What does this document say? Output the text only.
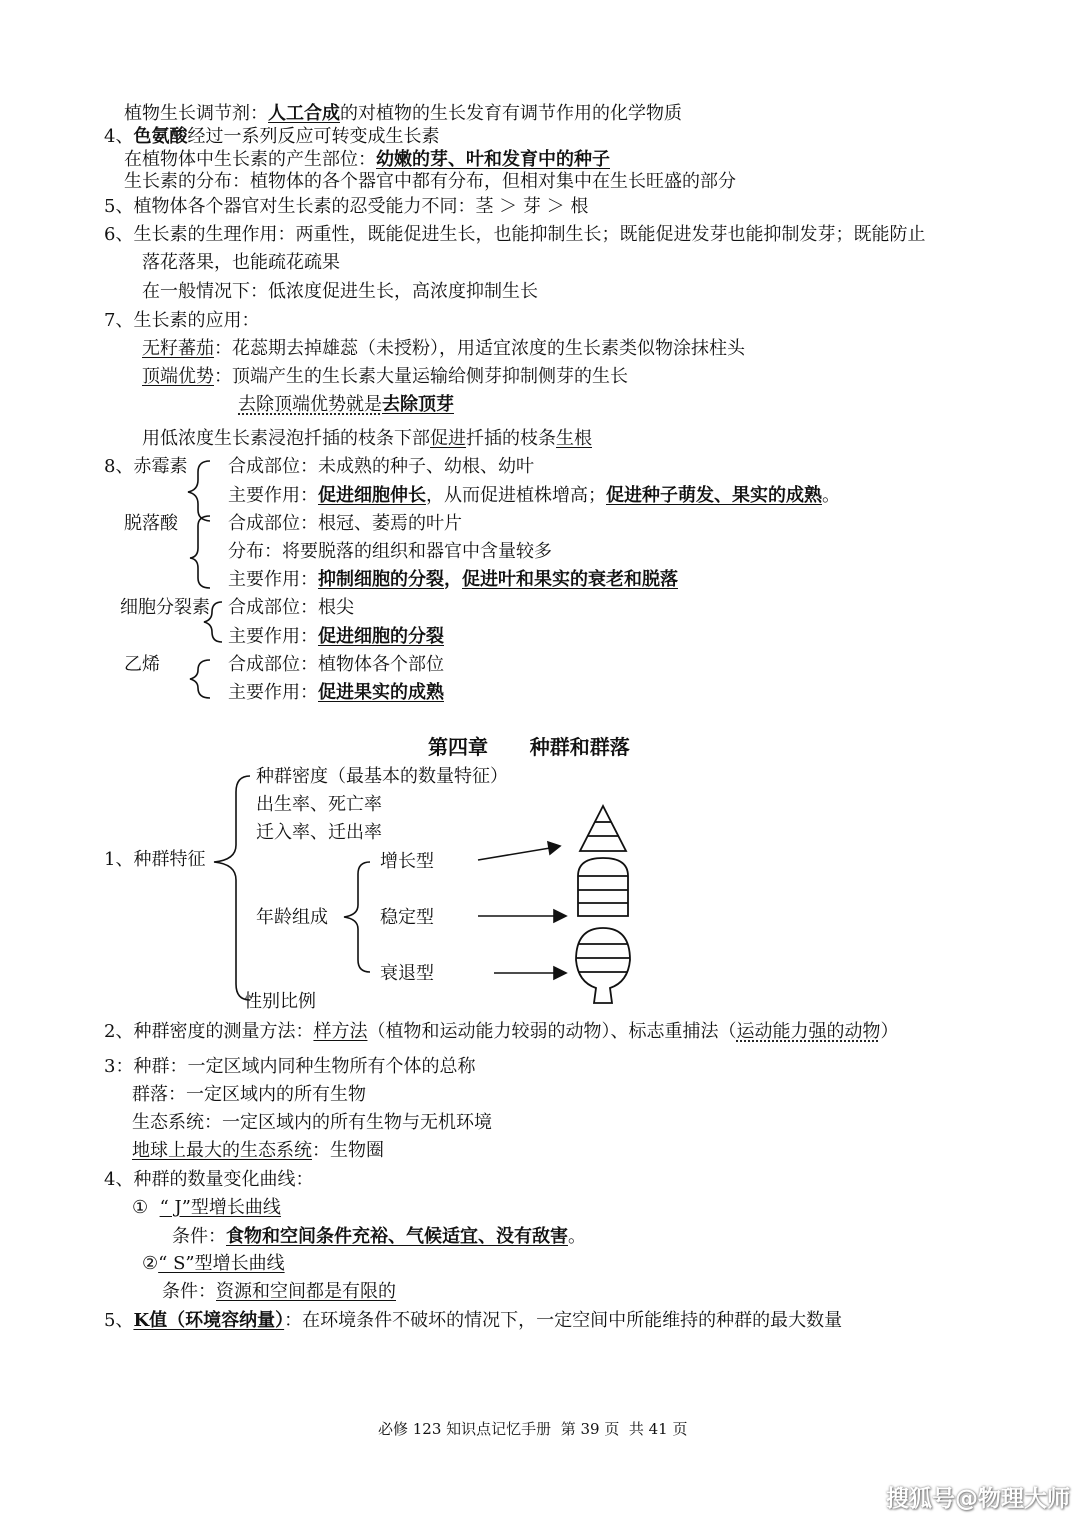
植物生长调节剂：人工合成的对植物的生长发育有调节作用的化学物质
4、色氨酸经过一系列反应可转变成生长素
在植物体中生长素的产生部位：幼嫩的芽、叶和发育中的种子
生长素的分布：植物体的各个器官中都有分布，但相对集中在生长旺盛的部分
5、植物体各个器官对生长素的忍受能力不同：茎 ＞ 芽 ＞ 根
6、生长素的生理作用：两重性，既能促进生长，也能抑制生长；既能促进发芽也能抑制发芽；既能防止
落花落果，也能疏花疏果
在一般情况下：低浓度促进生长，高浓度抑制生长
7、生长素的应用：
无籽蕃茄：花蕊期去掉雄蕊（未授粉），用适宜浓度的生长素类似物涂抹柱头
顶端优势：顶端产生的生长素大量运输给侧芽抑制侧芽的生长
去除顶端优势就是去除顶芽
用低浓度生长素浸泡扦插的枝条下部促进扦插的枝条生根
8、赤霉素 合成部位：未成熟的种子、幼根、幼叶
主要作用：促进细胞伸长，从而促进植株增高；促进种子萌发、果实的成熟。
脱落酸	合成部位：根冠、萎焉的叶片
分布：将要脱落的组织和器官中含量较多
主要作用：抑制细胞的分裂，促进叶和果实的衰老和脱落
细胞分裂素 合成部位：根尖
主要作用：促进细胞的分裂
乙烯	合成部位：植物体各个部位
主要作用：促进果实的成熟
第四章      种群和群落
1、种群特征
种群密度（最基本的数量特征）
出生率、死亡率
迁入率、迁出率
年龄组成
增长型
稳定型
衰退型
性别比例
2、种群密度的测量方法：样方法（植物和运动能力较弱的动物）、标志重捕法（运动能力强的动物）
3：种群：一定区域内同种生物所有个体的总称
群落：一定区域内的所有生物
生态系统：一定区域内的所有生物与无机环境
地球上最大的生态系统：生物圈
4、种群的数量变化曲线：
① “ J”型增长曲线
条件：食物和空间条件充裕、气候适宜、没有敌害。
②“ S”型增长曲线
条件：资源和空间都是有限的
5、K值（环境容纳量）：在环境条件不破坏的情况下，一定空间中所能维持的种群的最大数量
必修 123 知识点记忆手册  第 39 页  共 41 页
搜狐号@物理大师
